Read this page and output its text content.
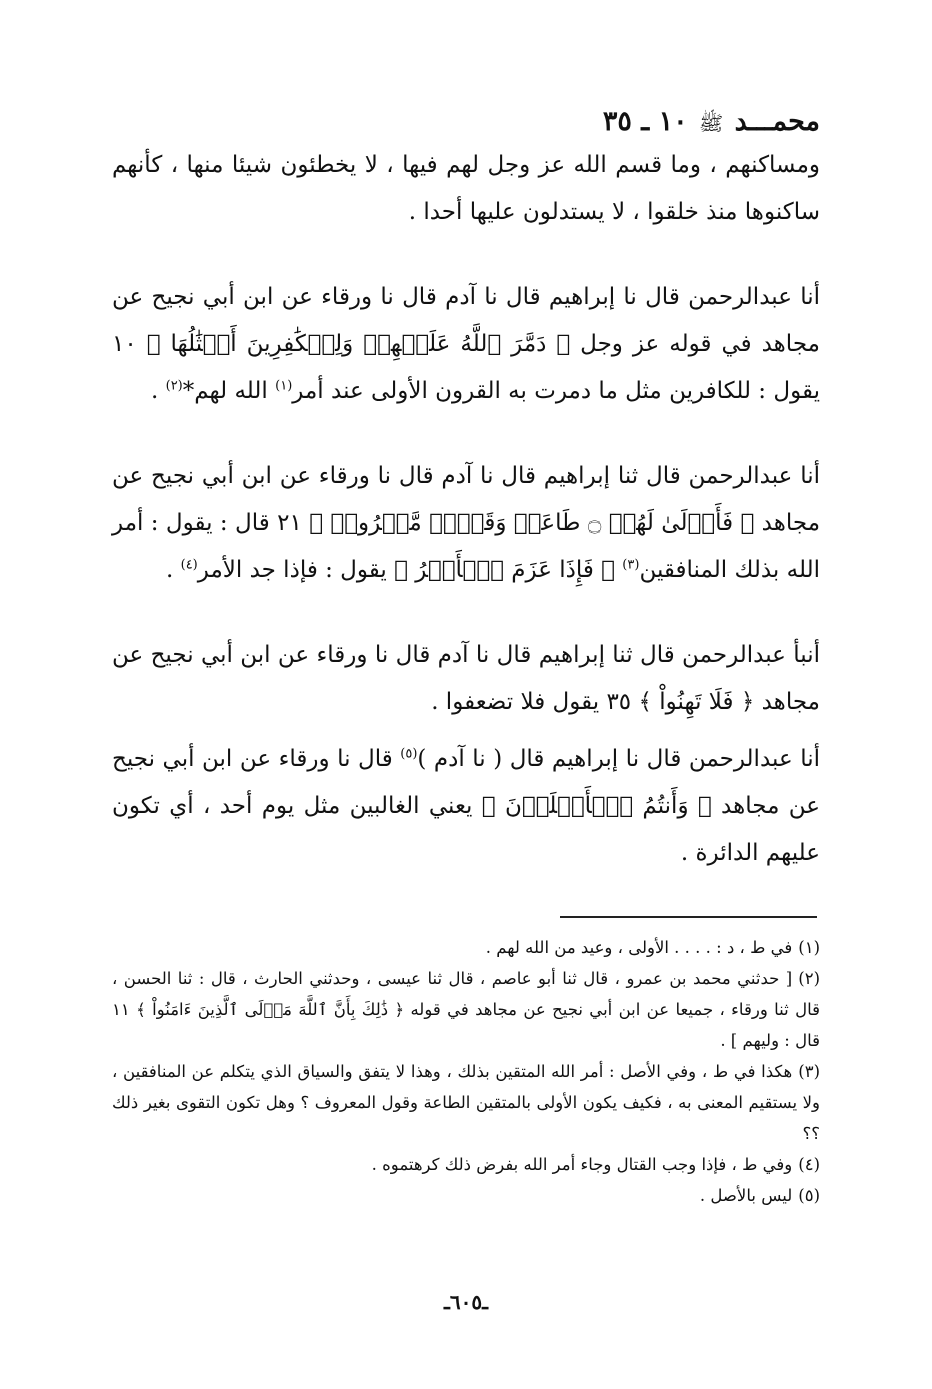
محمـــد ﷺ ١٠ ـ ٣٥

ومساكنهم ، وما قسم الله عز وجل لهم فيها ، لا يخطئون شيئا منها ، كأنهم ساكنوها منذ خلقوا ، لا يستدلون عليها أحدا .

أنا عبدالرحمن قال نا إبراهيم قال نا آدم قال نا ورقاء عن ابن أبي نجيح عن مجاهد في قوله عز وجل ﴿ دَمَّرَ ٱللَّهُ عَلَيۡهِمۡ وَلِلۡكَٰفِرِينَ أَمۡثَٰلُهَا ﴾ ١٠ يقول : للكافرين مثل ما دمرت به القرون الأولى عند أمر$^{(١)}$ الله لهم*$^{(٢)}$ .

أنا عبدالرحمن قال ثنا إبراهيم قال نا آدم قال نا ورقاء عن ابن أبي نجيح عن مجاهد ﴿ فَأَوۡلَىٰ لَهُمۡ ۝ طَاعَةٞ وَقَوۡلٞ مَّعۡرُوفٞ ﴾ ٢١ قال : يقول : أمر الله بذلك المنافقين$^{(٣)}$ ﴿ فَإِذَا عَزَمَ ٱلۡأَمۡرُ ﴾ يقول : فإذا جد الأمر$^{(٤)}$ .

أنبأ عبدالرحمن قال ثنا إبراهيم قال نا آدم قال نا ورقاء عن ابن أبي نجيح عن مجاهد ﴿ فَلَا تَهِنُواْ ﴾ ٣٥ يقول فلا تضعفوا .

أنا عبدالرحمن قال نا إبراهيم قال ( نا آدم )$^{(٥)}$ قال نا ورقاء عن ابن أبي نجيح عن مجاهد ﴿ وَأَنتُمُ ٱلۡأَعۡلَوۡنَ ﴾ يعني الغالبين مثل يوم أحد ، أي تكون عليهم الدائرة .

(١)في ط ، د : . . . . الأولى ، وعيد من الله لهم .

(٢)[ حدثني محمد بن عمرو ، قال ثنا أبو عاصم ، قال ثنا عيسى ، وحدثني الحارث ، قال : ثنا الحسن ، قال ثنا ورقاء ، جميعا عن ابن أبي نجيح عن مجاهد في قوله ﴿ ذَٰلِكَ بِأَنَّ ٱللَّهَ مَوۡلَى ٱلَّذِينَ ءَامَنُواْ ﴾ ١١ قال : وليهم ] .

(٣)هكذا في ط ، وفي الأصل : أمر الله المتقين بذلك ، وهذا لا يتفق والسياق الذي يتكلم عن المنافقين ، ولا يستقيم المعنى به ، فكيف يكون الأولى بالمتقين الطاعة وقول المعروف ؟ وهل تكون التقوى بغير ذلك ؟؟

(٤)وفي ط ، فإذا وجب القتال وجاء أمر الله بفرض ذلك كرهتموه .

(٥)ليس بالأصل .

ـ٦٠٥ـ
